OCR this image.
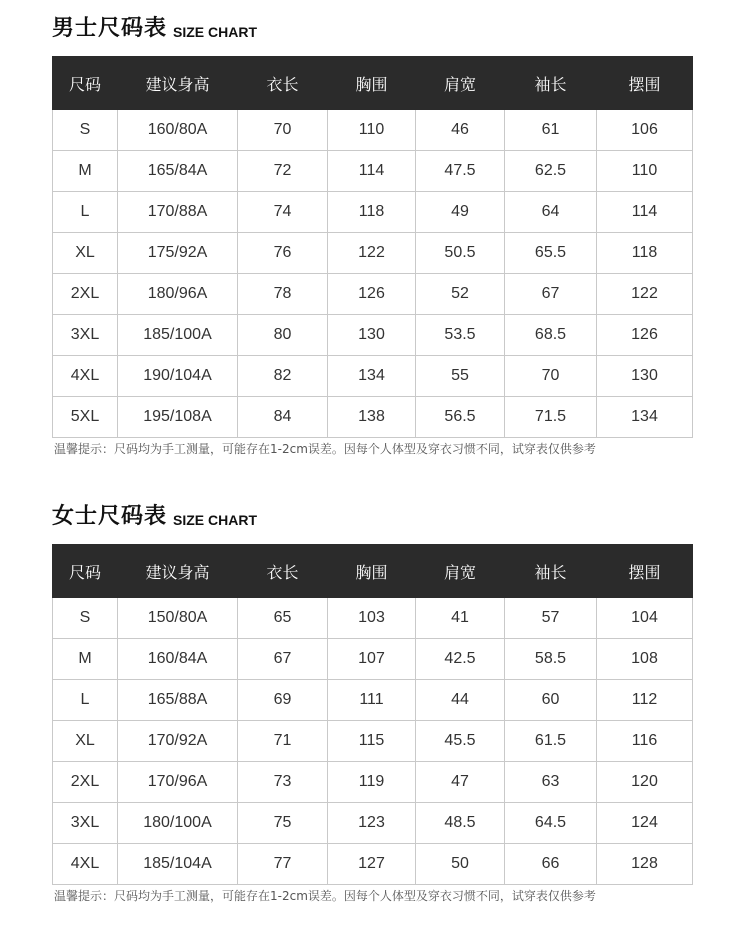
男士尺码表 SIZE CHART
尺码	建议身高	衣长	胸围	肩宽	袖长	摆围
S	160/80A	70	110	46	61	106
M	165/84A	72	114	47.5	62.5	110
L	170/88A	74	118	49	64	114
XL	175/92A	76	122	50.5	65.5	118
2XL	180/96A	78	126	52	67	122
3XL	185/100A	80	130	53.5	68.5	126
4XL	190/104A	82	134	55	70	130
5XL	195/108A	84	138	56.5	71.5	134
温馨提示：尺码均为手工测量，可能存在1-2cm误差。因每个人体型及穿衣习惯不同，试穿表仅供参考
女士尺码表 SIZE CHART
尺码	建议身高	衣长	胸围	肩宽	袖长	摆围
S	150/80A	65	103	41	57	104
M	160/84A	67	107	42.5	58.5	108
L	165/88A	69	111	44	60	112
XL	170/92A	71	115	45.5	61.5	116
2XL	170/96A	73	119	47	63	120
3XL	180/100A	75	123	48.5	64.5	124
4XL	185/104A	77	127	50	66	128
温馨提示：尺码均为手工测量，可能存在1-2cm误差。因每个人体型及穿衣习惯不同，试穿表仅供参考
